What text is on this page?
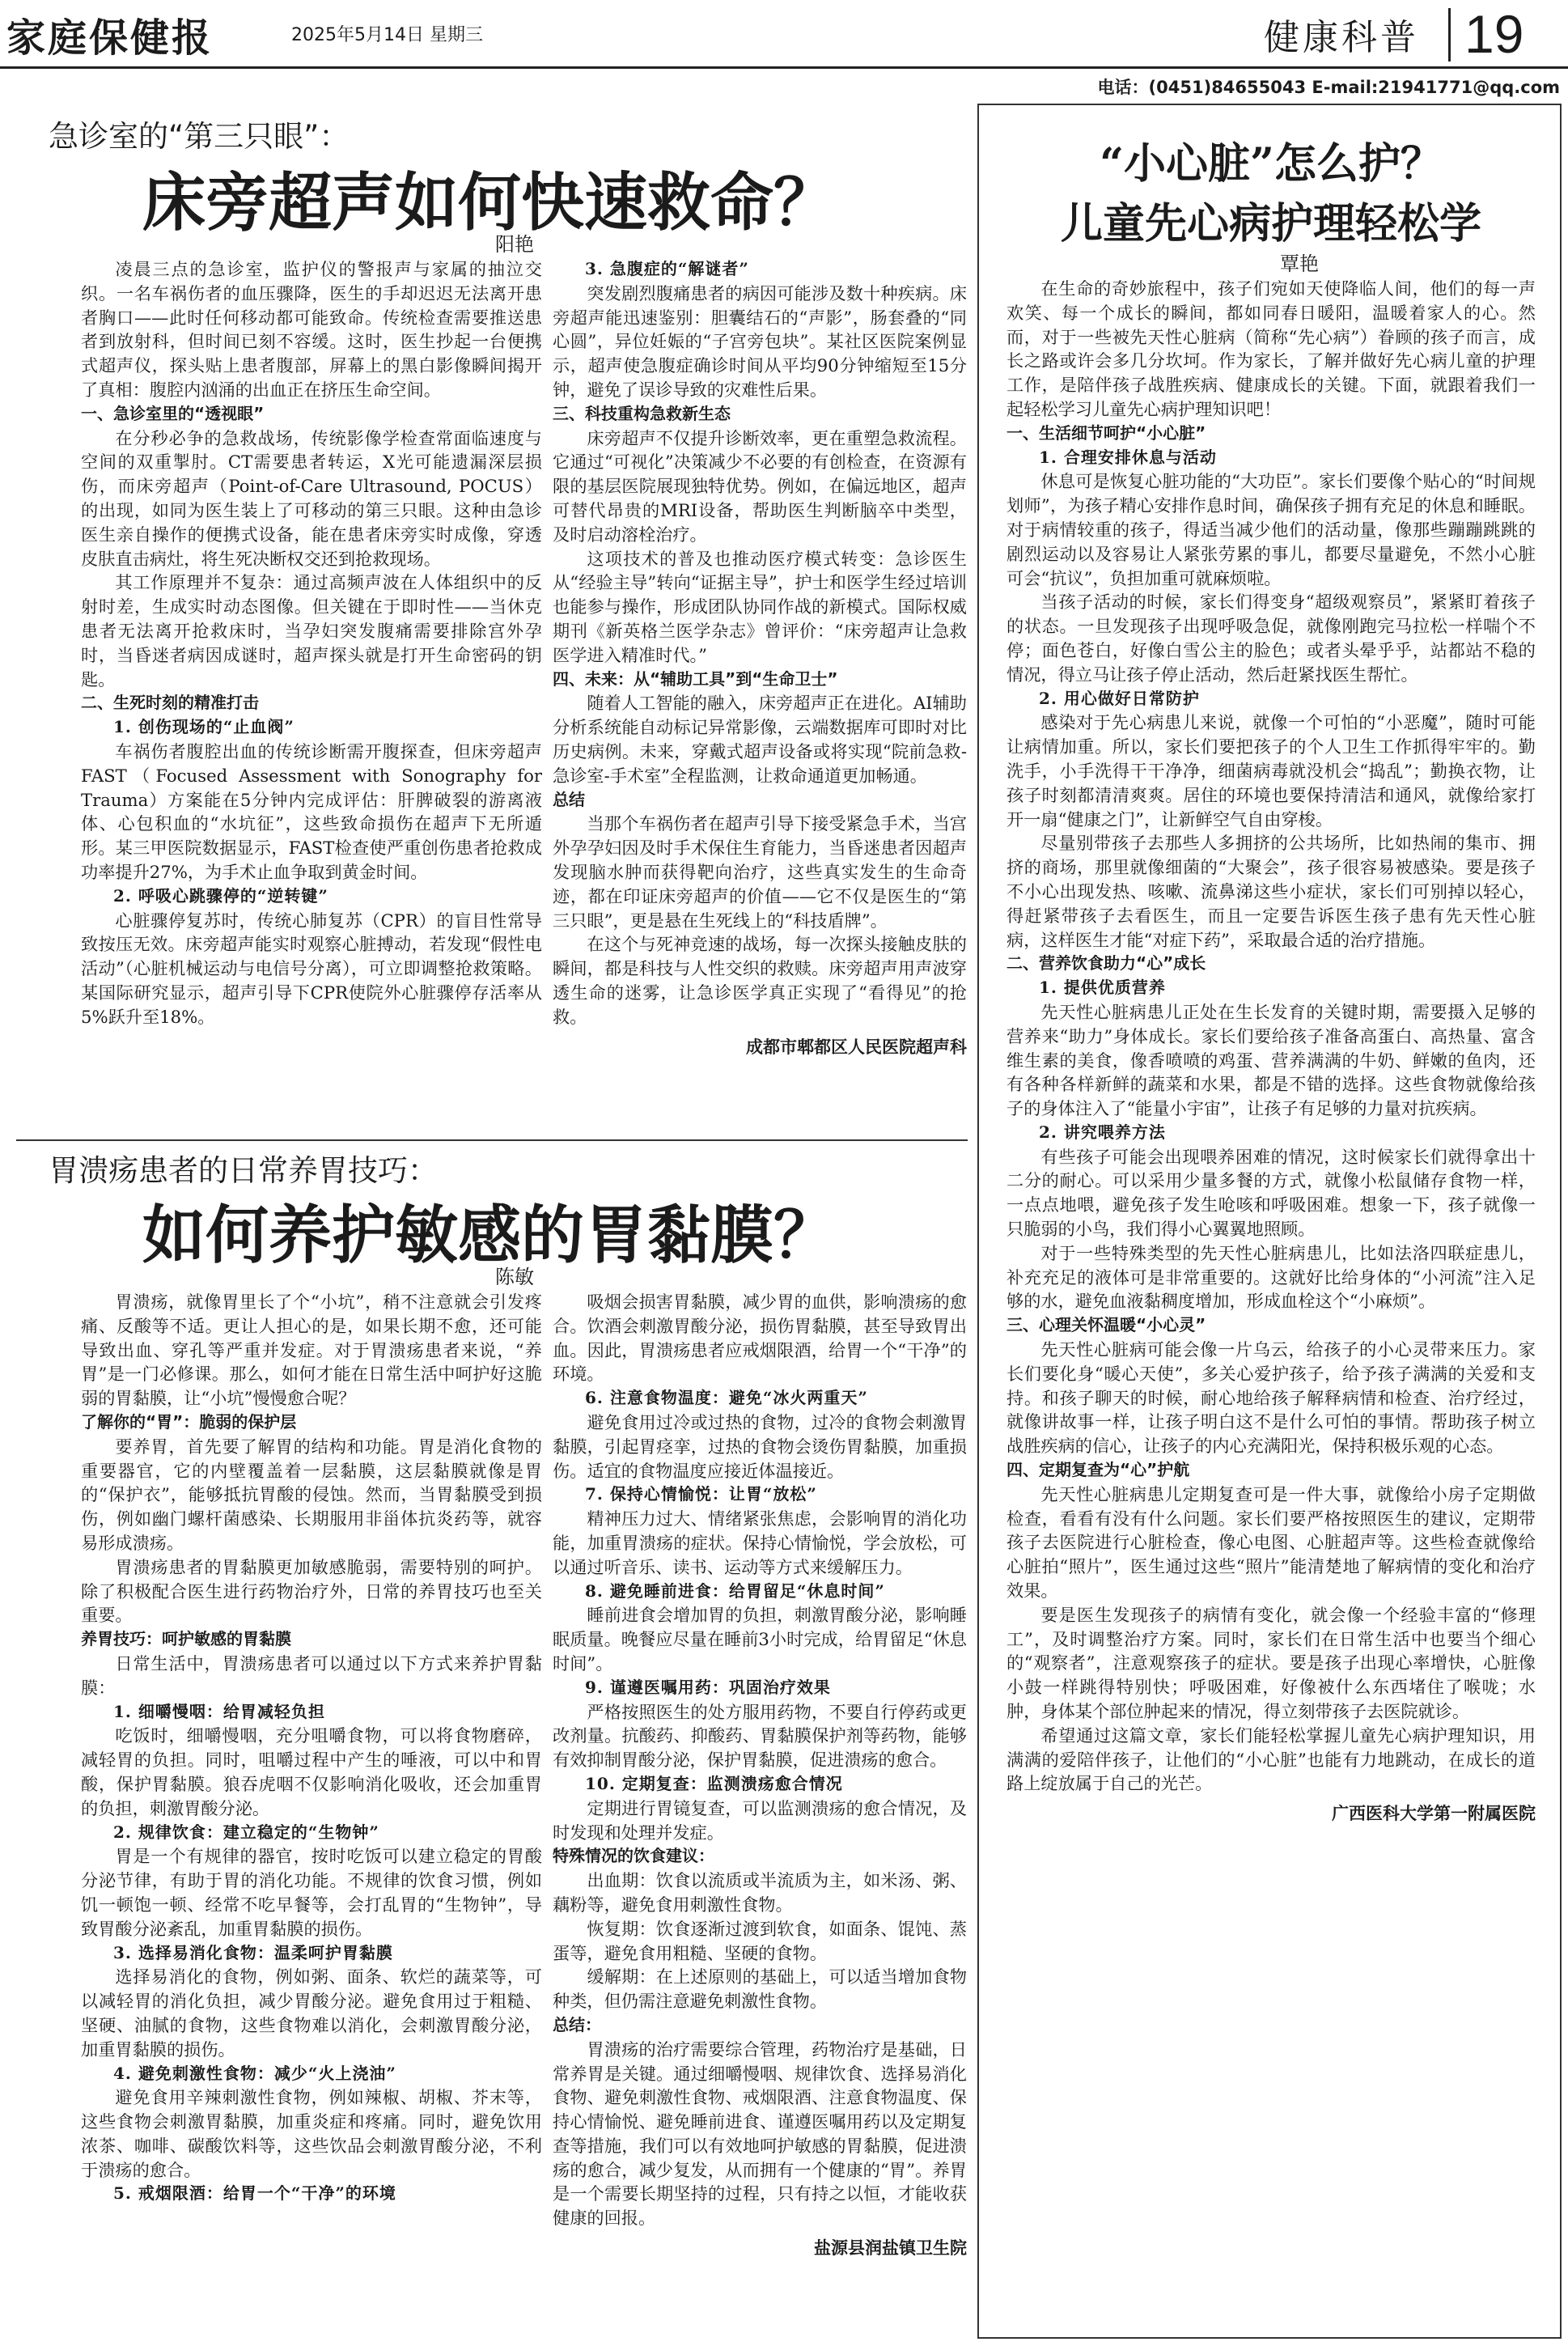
家庭保健报	2025年5月14日 星期三	健康科普 19
电话：(0451)84655043 E-mail:21941771@qq.com
急诊室的“第三只眼”：
床旁超声如何快速救命？
阳艳

凌晨三点的急诊室，监护仪的警报声与家属的抽泣交织。一名车祸伤者的血压骤降，医生的手却迟迟无法离开患者胸口——此时任何移动都可能致命。传统检查需要推送患者到放射科，但时间已刻不容缓。这时，医生抄起一台便携式超声仪，探头贴上患者腹部，屏幕上的黑白影像瞬间揭开了真相：腹腔内汹涌的出血正在挤压生命空间。

一、急诊室里的“透视眼”

在分秒必争的急救战场，传统影像学检查常面临速度与空间的双重掣肘。CT需要患者转运，X光可能遗漏深层损伤，而床旁超声（Point-of-Care Ultrasound, POCUS）的出现，如同为医生装上了可移动的第三只眼。这种由急诊医生亲自操作的便携式设备，能在患者床旁实时成像，穿透皮肤直击病灶，将生死决断权交还到抢救现场。

其工作原理并不复杂：通过高频声波在人体组织中的反射时差，生成实时动态图像。但关键在于即时性——当休克患者无法离开抢救床时，当孕妇突发腹痛需要排除宫外孕时，当昏迷者病因成谜时，超声探头就是打开生命密码的钥匙。

二、生死时刻的精准打击

1. 创伤现场的“止血阀”

车祸伤者腹腔出血的传统诊断需开腹探查，但床旁超声FAST（Focused Assessment with Sonography for Trauma）方案能在5分钟内完成评估：肝脾破裂的游离液体、心包积血的“水坑征”，这些致命损伤在超声下无所遁形。某三甲医院数据显示，FAST检查使严重创伤患者抢救成功率提升27%，为手术止血争取到黄金时间。

2. 呼吸心跳骤停的“逆转键”

心脏骤停复苏时，传统心肺复苏（CPR）的盲目性常导致按压无效。床旁超声能实时观察心脏搏动，若发现“假性电活动”（心脏机械运动与电信号分离），可立即调整抢救策略。某国际研究显示，超声引导下CPR使院外心脏骤停存活率从5%跃升至18%。

3. 急腹症的“解谜者”

突发剧烈腹痛患者的病因可能涉及数十种疾病。床旁超声能迅速鉴别：胆囊结石的“声影”，肠套叠的“同心圆”，异位妊娠的“子宫旁包块”。某社区医院案例显示，超声使急腹症确诊时间从平均90分钟缩短至15分钟，避免了误诊导致的灾难性后果。

三、科技重构急救新生态

床旁超声不仅提升诊断效率，更在重塑急救流程。它通过“可视化”决策减少不必要的有创检查，在资源有限的基层医院展现独特优势。例如，在偏远地区，超声可替代昂贵的MRI设备，帮助医生判断脑卒中类型，及时启动溶栓治疗。

这项技术的普及也推动医疗模式转变：急诊医生从“经验主导”转向“证据主导”，护士和医学生经过培训也能参与操作，形成团队协同作战的新模式。国际权威期刊《新英格兰医学杂志》曾评价：“床旁超声让急救医学进入精准时代。”

四、未来：从“辅助工具”到“生命卫士”

随着人工智能的融入，床旁超声正在进化。AI辅助分析系统能自动标记异常影像，云端数据库可即时对比历史病例。未来，穿戴式超声设备或将实现“院前急救-急诊室-手术室”全程监测，让救命通道更加畅通。

总结

当那个车祸伤者在超声引导下接受紧急手术，当宫外孕孕妇因及时手术保住生育能力，当昏迷患者因超声发现脑水肿而获得靶向治疗，这些真实发生的生命奇迹，都在印证床旁超声的价值——它不仅是医生的“第三只眼”，更是悬在生死线上的“科技盾牌”。

在这个与死神竞速的战场，每一次探头接触皮肤的瞬间，都是科技与人性交织的救赎。床旁超声用声波穿透生命的迷雾，让急诊医学真正实现了“看得见”的抢救。

成都市郫都区人民医院超声科

胃溃疡患者的日常养胃技巧：
如何养护敏感的胃黏膜？
陈敏

胃溃疡，就像胃里长了个“小坑”，稍不注意就会引发疼痛、反酸等不适。更让人担心的是，如果长期不愈，还可能导致出血、穿孔等严重并发症。对于胃溃疡患者来说，“养胃”是一门必修课。那么，如何才能在日常生活中呵护好这脆弱的胃黏膜，让“小坑”慢慢愈合呢？

了解你的“胃”：脆弱的保护层

要养胃，首先要了解胃的结构和功能。胃是消化食物的重要器官，它的内壁覆盖着一层黏膜，这层黏膜就像是胃的“保护衣”，能够抵抗胃酸的侵蚀。然而，当胃黏膜受到损伤，例如幽门螺杆菌感染、长期服用非甾体抗炎药等，就容易形成溃疡。

胃溃疡患者的胃黏膜更加敏感脆弱，需要特别的呵护。除了积极配合医生进行药物治疗外，日常的养胃技巧也至关重要。

养胃技巧：呵护敏感的胃黏膜

日常生活中，胃溃疡患者可以通过以下方式来养护胃黏膜：

1. 细嚼慢咽：给胃减轻负担

吃饭时，细嚼慢咽，充分咀嚼食物，可以将食物磨碎，减轻胃的负担。同时，咀嚼过程中产生的唾液，可以中和胃酸，保护胃黏膜。狼吞虎咽不仅影响消化吸收，还会加重胃的负担，刺激胃酸分泌。

2. 规律饮食：建立稳定的“生物钟”

胃是一个有规律的器官，按时吃饭可以建立稳定的胃酸分泌节律，有助于胃的消化功能。不规律的饮食习惯，例如饥一顿饱一顿、经常不吃早餐等，会打乱胃的“生物钟”，导致胃酸分泌紊乱，加重胃黏膜的损伤。

3. 选择易消化食物：温柔呵护胃黏膜

选择易消化的食物，例如粥、面条、软烂的蔬菜等，可以减轻胃的消化负担，减少胃酸分泌。避免食用过于粗糙、坚硬、油腻的食物，这些食物难以消化，会刺激胃酸分泌，加重胃黏膜的损伤。

4. 避免刺激性食物：减少“火上浇油”

避免食用辛辣刺激性食物，例如辣椒、胡椒、芥末等，这些食物会刺激胃黏膜，加重炎症和疼痛。同时，避免饮用浓茶、咖啡、碳酸饮料等，这些饮品会刺激胃酸分泌，不利于溃疡的愈合。

5. 戒烟限酒：给胃一个“干净”的环境

吸烟会损害胃黏膜，减少胃的血供，影响溃疡的愈合。饮酒会刺激胃酸分泌，损伤胃黏膜，甚至导致胃出血。因此，胃溃疡患者应戒烟限酒，给胃一个“干净”的环境。

6. 注意食物温度：避免“冰火两重天”

避免食用过冷或过热的食物，过冷的食物会刺激胃黏膜，引起胃痉挛，过热的食物会烫伤胃黏膜，加重损伤。适宜的食物温度应接近体温接近。

7. 保持心情愉悦：让胃“放松”

精神压力过大、情绪紧张焦虑，会影响胃的消化功能，加重胃溃疡的症状。保持心情愉悦，学会放松，可以通过听音乐、读书、运动等方式来缓解压力。

8. 避免睡前进食：给胃留足“休息时间”

睡前进食会增加胃的负担，刺激胃酸分泌，影响睡眠质量。晚餐应尽量在睡前3小时完成，给胃留足“休息时间”。

9. 谨遵医嘱用药：巩固治疗效果

严格按照医生的处方服用药物，不要自行停药或更改剂量。抗酸药、抑酸药、胃黏膜保护剂等药物，能够有效抑制胃酸分泌，保护胃黏膜，促进溃疡的愈合。

10. 定期复查：监测溃疡愈合情况

定期进行胃镜复查，可以监测溃疡的愈合情况，及时发现和处理并发症。

特殊情况的饮食建议：

出血期：饮食以流质或半流质为主，如米汤、粥、藕粉等，避免食用刺激性食物。

恢复期：饮食逐渐过渡到软食，如面条、馄饨、蒸蛋等，避免食用粗糙、坚硬的食物。

缓解期：在上述原则的基础上，可以适当增加食物种类，但仍需注意避免刺激性食物。

总结：

胃溃疡的治疗需要综合管理，药物治疗是基础，日常养胃是关键。通过细嚼慢咽、规律饮食、选择易消化食物、避免刺激性食物、戒烟限酒、注意食物温度、保持心情愉悦、避免睡前进食、谨遵医嘱用药以及定期复查等措施，我们可以有效地呵护敏感的胃黏膜，促进溃疡的愈合，减少复发，从而拥有一个健康的“胃”。养胃是一个需要长期坚持的过程，只有持之以恒，才能收获健康的回报。

盐源县润盐镇卫生院

“小心脏”怎么护？
儿童先心病护理轻松学
覃艳

在生命的奇妙旅程中，孩子们宛如天使降临人间，他们的每一声欢笑、每一个成长的瞬间，都如同春日暖阳，温暖着家人的心。然而，对于一些被先天性心脏病（简称“先心病”）眷顾的孩子而言，成长之路或许会多几分坎坷。作为家长，了解并做好先心病儿童的护理工作，是陪伴孩子战胜疾病、健康成长的关键。下面，就跟着我们一起轻松学习儿童先心病护理知识吧！

一、生活细节呵护“小心脏”

1. 合理安排休息与活动

休息可是恢复心脏功能的“大功臣”。家长们要像个贴心的“时间规划师”，为孩子精心安排作息时间，确保孩子拥有充足的休息和睡眠。对于病情较重的孩子，得适当减少他们的活动量，像那些蹦蹦跳跳的剧烈运动以及容易让人紧张劳累的事儿，都要尽量避免，不然小心脏可会“抗议”，负担加重可就麻烦啦。

当孩子活动的时候，家长们得变身“超级观察员”，紧紧盯着孩子的状态。一旦发现孩子出现呼吸急促，就像刚跑完马拉松一样喘个不停；面色苍白，好像白雪公主的脸色；或者头晕乎乎，站都站不稳的情况，得立马让孩子停止活动，然后赶紧找医生帮忙。

2. 用心做好日常防护

感染对于先心病患儿来说，就像一个可怕的“小恶魔”，随时可能让病情加重。所以，家长们要把孩子的个人卫生工作抓得牢牢的。勤洗手，小手洗得干干净净，细菌病毒就没机会“捣乱”；勤换衣物，让孩子时刻都清清爽爽。居住的环境也要保持清洁和通风，就像给家打开一扇“健康之门”，让新鲜空气自由穿梭。

尽量别带孩子去那些人多拥挤的公共场所，比如热闹的集市、拥挤的商场，那里就像细菌的“大聚会”，孩子很容易被感染。要是孩子不小心出现发热、咳嗽、流鼻涕这些小症状，家长们可别掉以轻心，得赶紧带孩子去看医生，而且一定要告诉医生孩子患有先天性心脏病，这样医生才能“对症下药”，采取最合适的治疗措施。

二、营养饮食助力“心”成长

1. 提供优质营养

先天性心脏病患儿正处在生长发育的关键时期，需要摄入足够的营养来“助力”身体成长。家长们要给孩子准备高蛋白、高热量、富含维生素的美食，像香喷喷的鸡蛋、营养满满的牛奶、鲜嫩的鱼肉，还有各种各样新鲜的蔬菜和水果，都是不错的选择。这些食物就像给孩子的身体注入了“能量小宇宙”，让孩子有足够的力量对抗疾病。

2. 讲究喂养方法

有些孩子可能会出现喂养困难的情况，这时候家长们就得拿出十二分的耐心。可以采用少量多餐的方式，就像小松鼠储存食物一样，一点点地喂，避免孩子发生呛咳和呼吸困难。想象一下，孩子就像一只脆弱的小鸟，我们得小心翼翼地照顾。

对于一些特殊类型的先天性心脏病患儿，比如法洛四联症患儿，补充充足的液体可是非常重要的。这就好比给身体的“小河流”注入足够的水，避免血液黏稠度增加，形成血栓这个“小麻烦”。

三、心理关怀温暖“小心灵”

先天性心脏病可能会像一片乌云，给孩子的小心灵带来压力。家长们要化身“暖心天使”，多关心爱护孩子，给予孩子满满的关爱和支持。和孩子聊天的时候，耐心地给孩子解释病情和检查、治疗经过，就像讲故事一样，让孩子明白这不是什么可怕的事情。帮助孩子树立战胜疾病的信心，让孩子的内心充满阳光，保持积极乐观的心态。

四、定期复查为“心”护航

先天性心脏病患儿定期复查可是一件大事，就像给小房子定期做检查，看看有没有什么问题。家长们要严格按照医生的建议，定期带孩子去医院进行心脏检查，像心电图、心脏超声等。这些检查就像给心脏拍“照片”，医生通过这些“照片”能清楚地了解病情的变化和治疗效果。

要是医生发现孩子的病情有变化，就会像一个经验丰富的“修理工”，及时调整治疗方案。同时，家长们在日常生活中也要当个细心的“观察者”，注意观察孩子的症状。要是孩子出现心率增快，心脏像小鼓一样跳得特别快；呼吸困难，好像被什么东西堵住了喉咙；水肿，身体某个部位肿起来的情况，得立刻带孩子去医院就诊。

希望通过这篇文章，家长们能轻松掌握儿童先心病护理知识，用满满的爱陪伴孩子，让他们的“小心脏”也能有力地跳动，在成长的道路上绽放属于自己的光芒。

广西医科大学第一附属医院
